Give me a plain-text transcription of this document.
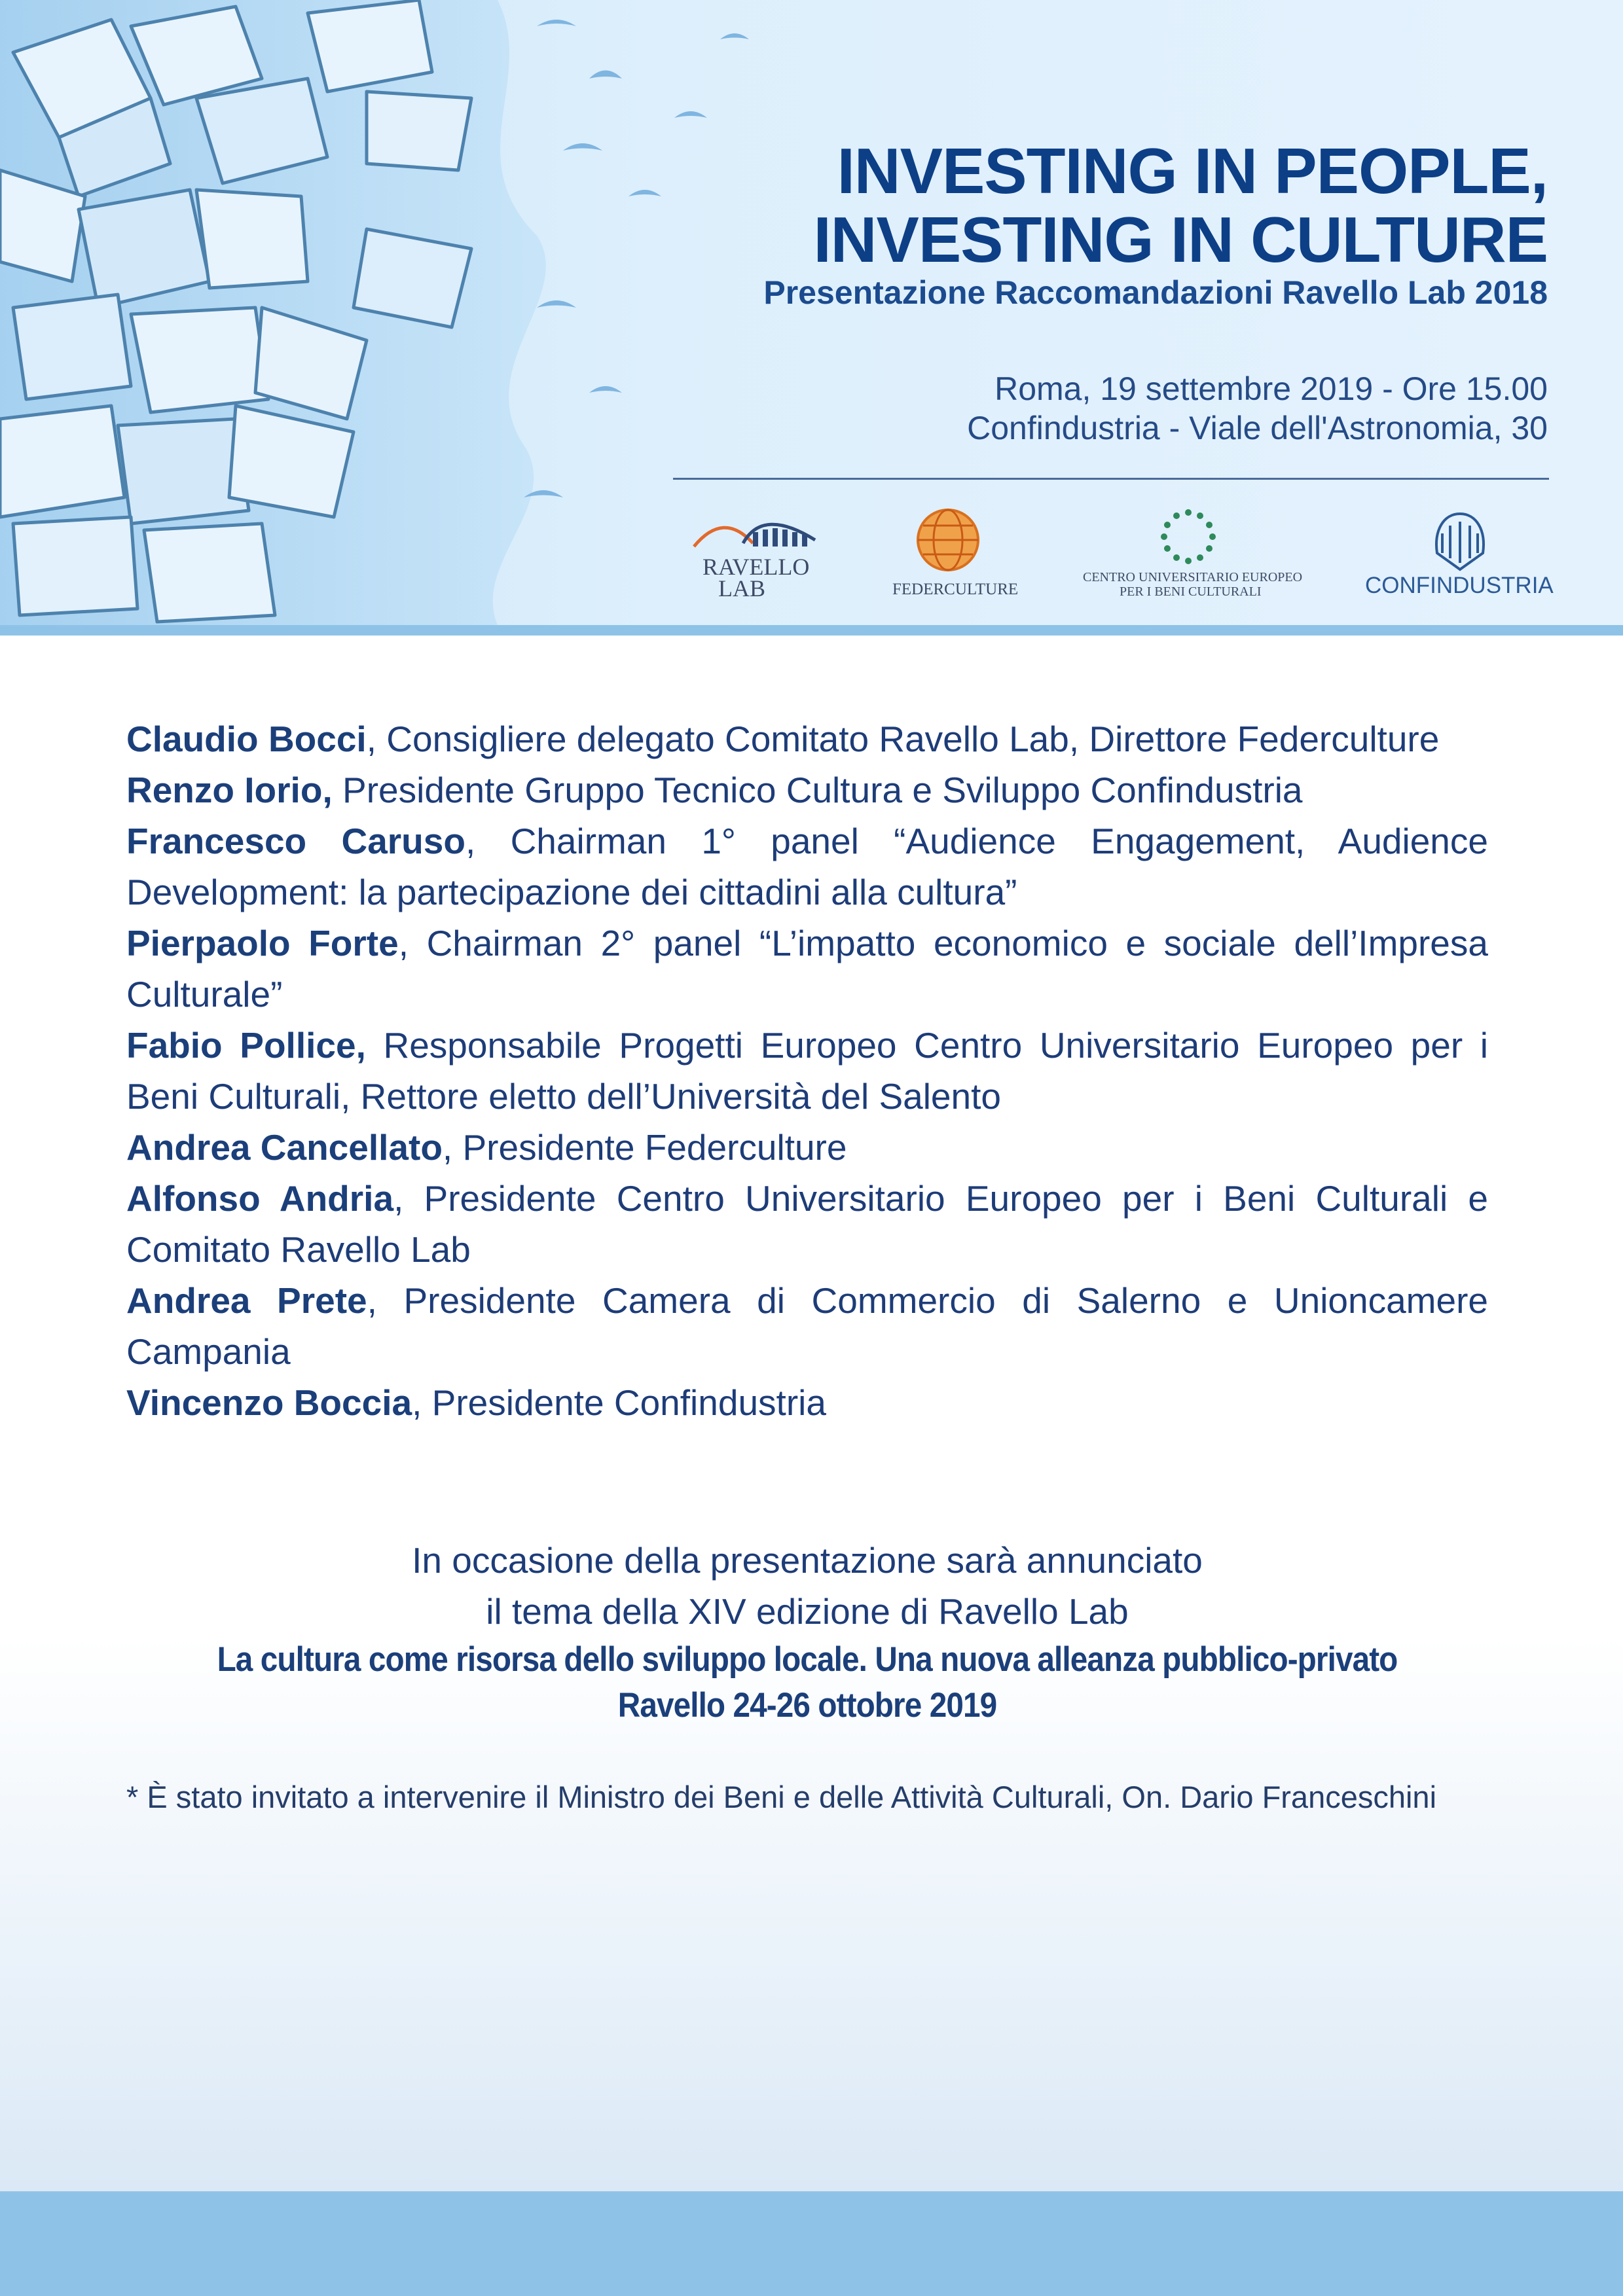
INVESTING IN PEOPLE,
INVESTING IN CULTURE

Presentazione Raccomandazioni Ravello Lab 2018

Roma, 19 settembre 2019 - Ore 15.00

Confindustria - Viale dell'Astronomia, 30

RAVELLO
LAB	FEDERCULTURE
CENTRO UNIVERSITARIO EUROPEO
PER I BENI CULTURALI	CONFINDUSTRIA

Claudio Bocci, Consigliere delegato Comitato Ravello Lab, Direttore Federculture

Renzo Iorio, Presidente Gruppo Tecnico Cultura e Sviluppo Confindustria

Francesco Caruso, Chairman 1° panel “Audience Engagement, Audience Development: la partecipazione dei cittadini alla cultura”

Pierpaolo Forte, Chairman 2° panel “L’impatto economico e sociale dell’Impresa Culturale”

Fabio Pollice, Responsabile Progetti Europeo Centro Universitario Europeo per i Beni Culturali, Rettore eletto dell’Università del Salento

Andrea Cancellato, Presidente Federculture

Alfonso Andria, Presidente Centro Universitario Europeo per i Beni Culturali e Comitato Ravello Lab

Andrea Prete, Presidente Camera di Commercio di Salerno e Unioncamere Campania

Vincenzo Boccia, Presidente Confindustria

In occasione della presentazione sarà annunciato

il tema della XIV edizione di Ravello Lab

La cultura come risorsa dello sviluppo locale. Una nuova alleanza pubblico-privato

Ravello 24-26 ottobre 2019

* È stato invitato a intervenire il Ministro dei Beni e delle Attività Culturali, On. Dario Franceschini
